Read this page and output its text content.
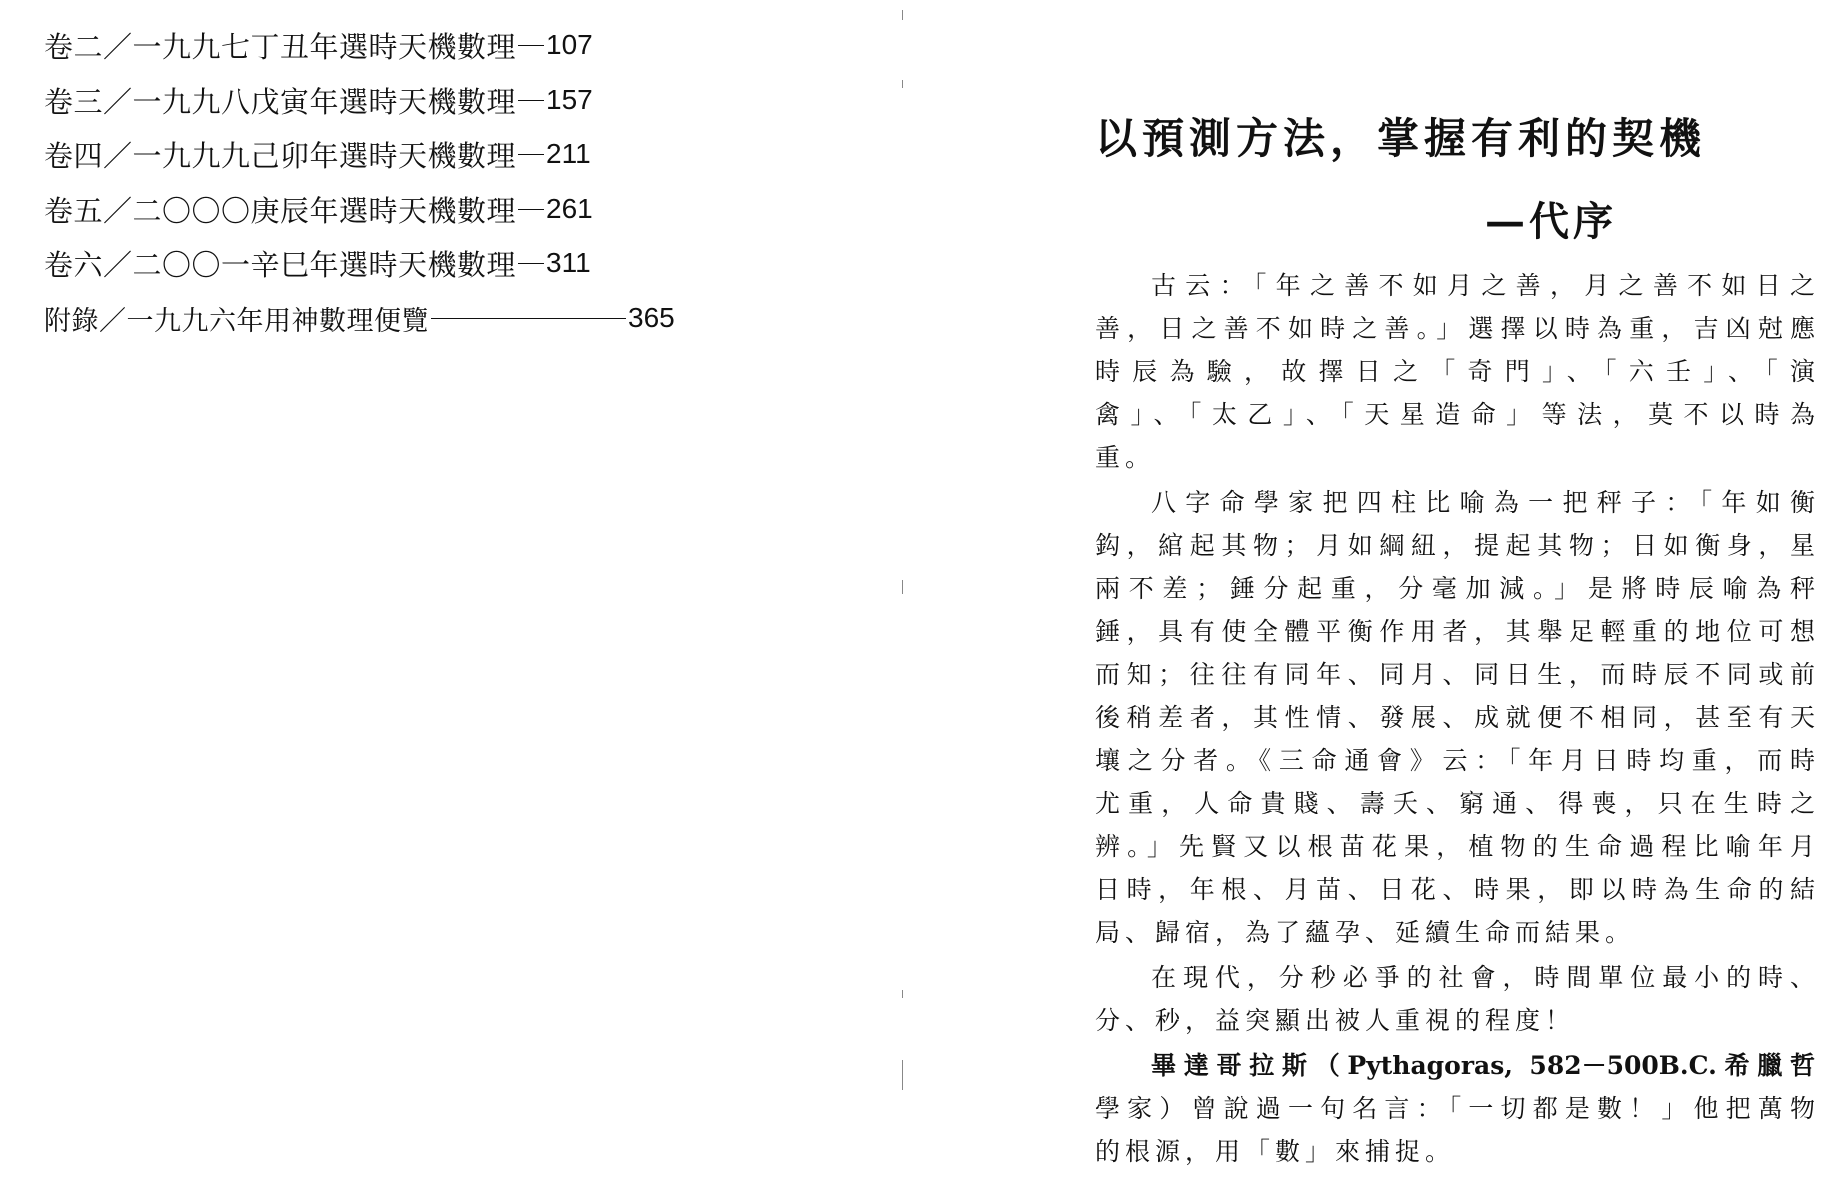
卷二／一九九七丁丑年選時天機數理 107
卷三／一九九八戊寅年選時天機數理 157
卷四／一九九九己卯年選時天機數理 211
卷五／二〇〇〇庚辰年選時天機數理 261
卷六／二〇〇一辛巳年選時天機數理 311
附錄／一九九六年用神數理便覽	365
以預測方法，掌握有利的契機
—代序
古云：「年之善不如月之善，月之善不如日之
善，日之善不如時之善。」選擇以時為重，吉凶尅應
時辰為驗，故擇日之「奇門」、「六壬」、「演
禽」、「太乙」、「天星造命」等法，莫不以時為
重。
八字命學家把四柱比喻為一把秤子：「年如衡
鈎，綰起其物；月如綱紐，提起其物；日如衡身，星
兩不差；錘分起重，分毫加減。」是將時辰喻為秤
錘，具有使全體平衡作用者，其舉足輕重的地位可想
而知；往往有同年、同月、同日生，而時辰不同或前
後稍差者，其性情、發展、成就便不相同，甚至有天
壤之分者。《三命通會》云：「年月日時均重，而時
尤重，人命貴賤、壽夭、窮通、得喪，只在生時之
辨。」先賢又以根苗花果，植物的生命過程比喻年月
日時，年根、月苗、日花、時果，即以時為生命的結
局、歸宿，為了蘊孕、延續生命而結果。
在現代，分秒必爭的社會，時間單位最小的時、
分、秒，益突顯出被人重視的程度！
畢達哥拉斯（Pythagoras, 582－500B.C.希臘哲
學家）曾說過一句名言：「一切都是數！」他把萬物
的根源，用「數」來捕捉。
